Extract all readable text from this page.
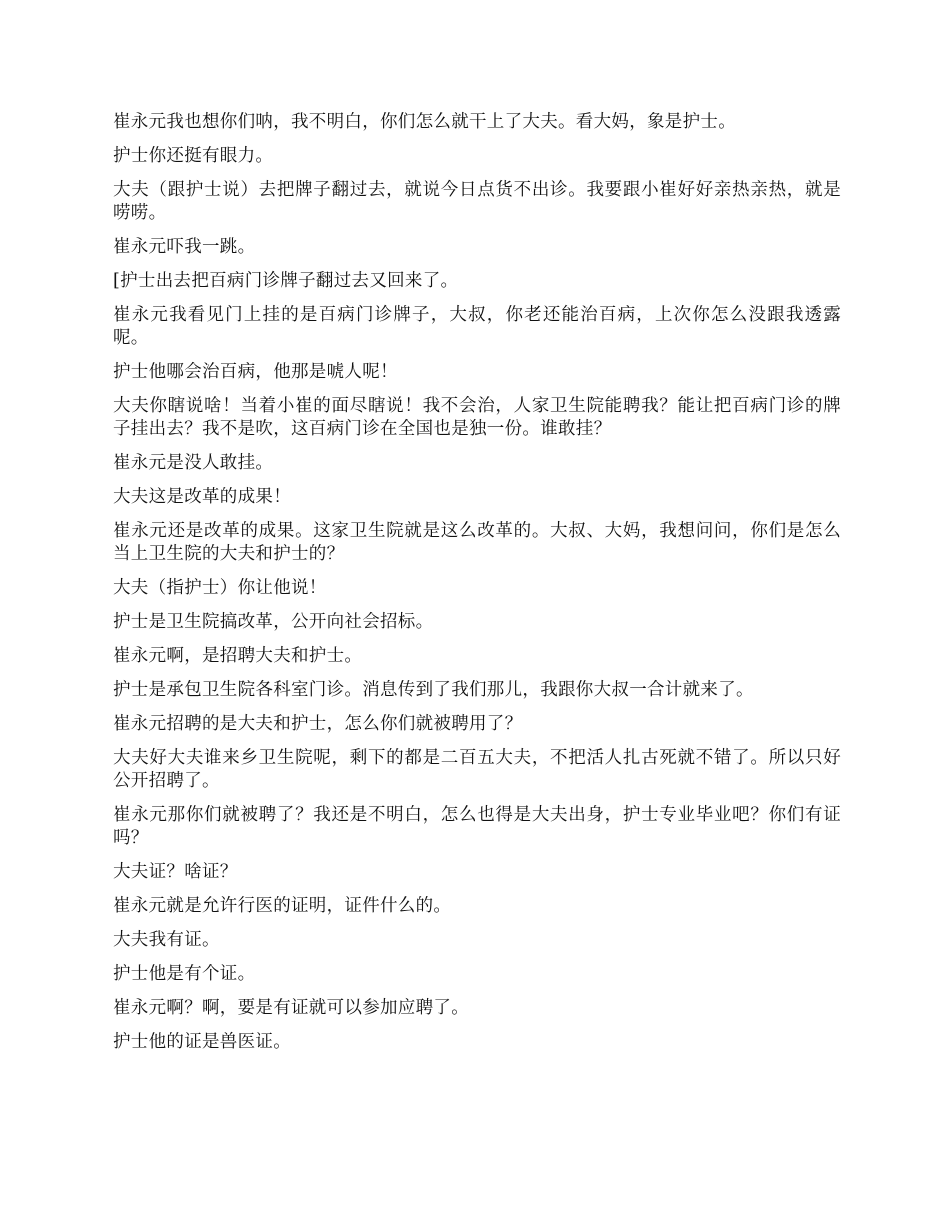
崔永元我也想你们呐，我不明白，你们怎么就干上了大夫。看大妈，象是护士。

护士你还挺有眼力。

大夫（跟护士说）去把牌子翻过去，就说今日点货不出诊。我要跟小崔好好亲热亲热，就是唠唠。

崔永元吓我一跳。

[护士出去把百病门诊牌子翻过去又回来了。

崔永元我看见门上挂的是百病门诊牌子，大叔，你老还能治百病，上次你怎么没跟我透露呢。

护士他哪会治百病，他那是唬人呢！

大夫你瞎说啥！当着小崔的面尽瞎说！我不会治，人家卫生院能聘我？能让把百病门诊的牌子挂出去？我不是吹，这百病门诊在全国也是独一份。谁敢挂？

崔永元是没人敢挂。

大夫这是改革的成果！

崔永元还是改革的成果。这家卫生院就是这么改革的。大叔、大妈，我想问问，你们是怎么当上卫生院的大夫和护士的？

大夫（指护士）你让他说！

护士是卫生院搞改革，公开向社会招标。

崔永元啊，是招聘大夫和护士。

护士是承包卫生院各科室门诊。消息传到了我们那儿，我跟你大叔一合计就来了。

崔永元招聘的是大夫和护士，怎么你们就被聘用了？

大夫好大夫谁来乡卫生院呢，剩下的都是二百五大夫，不把活人扎古死就不错了。所以只好公开招聘了。

崔永元那你们就被聘了？我还是不明白，怎么也得是大夫出身，护士专业毕业吧？你们有证吗？

大夫证？啥证？

崔永元就是允许行医的证明，证件什么的。

大夫我有证。

护士他是有个证。

崔永元啊？啊，要是有证就可以参加应聘了。

护士他的证是兽医证。
